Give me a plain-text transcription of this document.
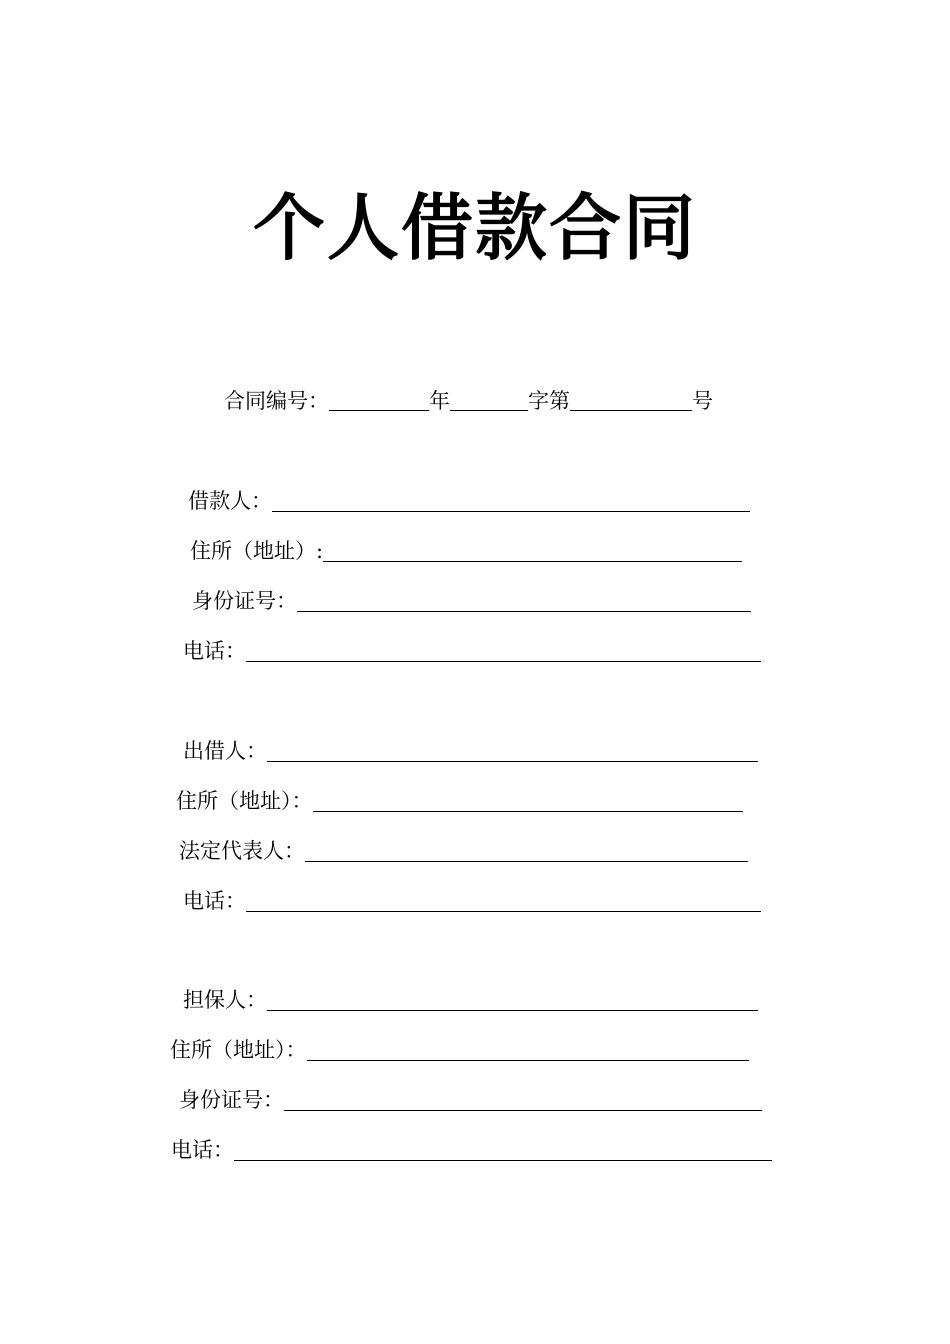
个人借款合同
合同编号：	年	字第	号
借款人：
住所（地址）:
身份证号：
电话：
出借人：
住所（地址）：
法定代表人：
电话：
担保人：
住所（地址）：
身份证号：
电话：
